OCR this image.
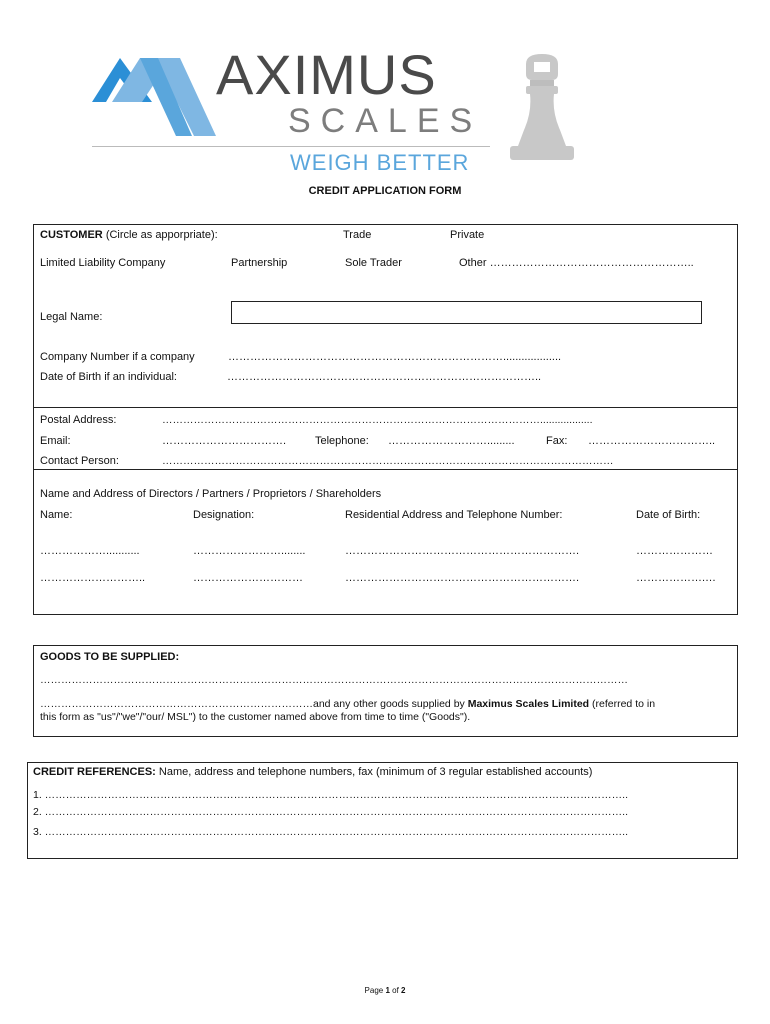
AXIMUS
SCALES
WEIGH BETTER
CREDIT APPLICATION FORM
CUSTOMER (Circle as apporpriate):	Trade	Private
Limited Liability Company	Partnership	Sole Trader	Other ………………………………………………..
Legal Name:
Company Number if a company	…………………………………………………………………...................
Date of Birth if an individual:	…………………………………………………………………………..
Postal Address:	………………………………………………………………………………………………..................
Email:	…………………………….	Telephone: ……………………….........	Fax: ……………………………..
Contact Person:	…………………………………………………………………………………………………………………
Name and Address of Directors / Partners / Proprietors / Shareholders
Name:	Designation:	Residential Address and Telephone Number:	Date of Birth:
………………...........	……………………........	……………………………………………………….	…………………
………………………..	…………………………	……………………………………………………….	……………….…
GOODS TO BE SUPPLIED:
……………………………………………………………………………………………………………………………………………………
……………………………………………………………………and any other goods supplied by Maximus Scales Limited (referred to in
this form as "us"/"we"/"our/ MSL") to the customer named above from time to time ("Goods").
CREDIT REFERENCES: Name, address and telephone numbers, fax (minimum of 3 regular established accounts)
1. …………………………………………………………………………………………………………………………………………………..
2. …………………………………………………………………………………………………………………………………………………..
3. …………………………………………………………………………………………………………………………………………………..
Page 1 of 2
